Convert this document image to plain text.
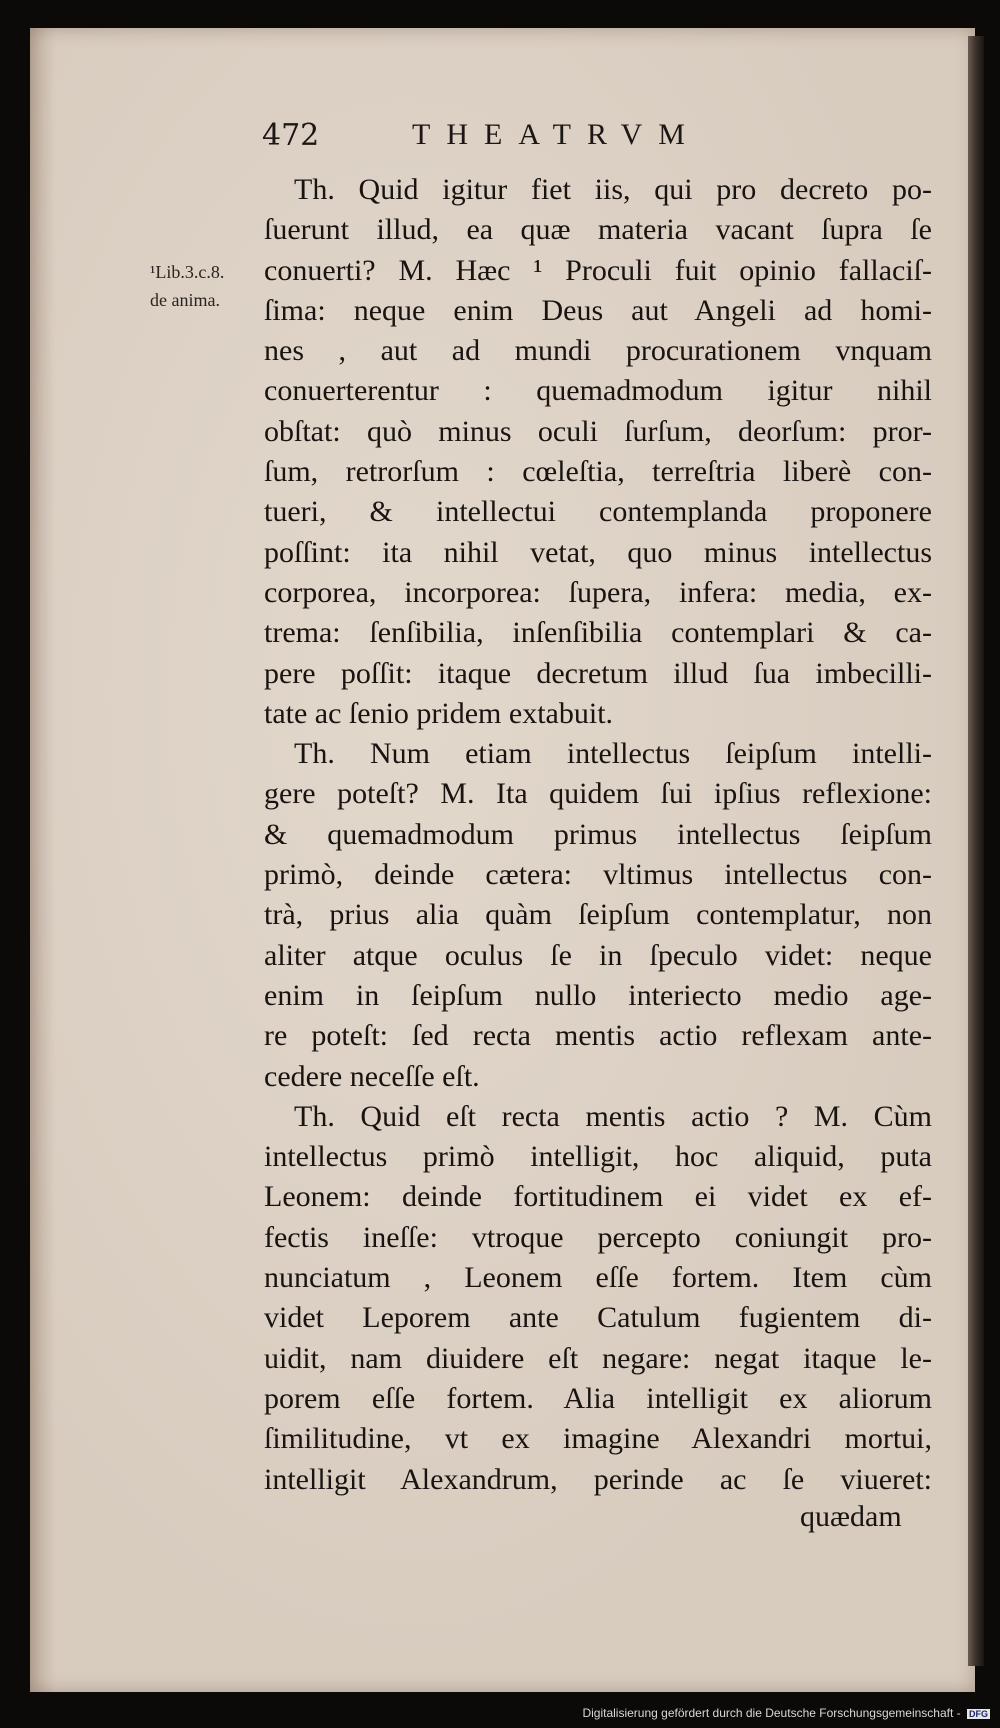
472	THEATRVM
¹Lib.3.c.8.
de anima.
Th. Quid igitur fiet iis, qui pro decreto po-
ſuerunt illud, ea quæ materia vacant ſupra ſe
conuerti? M. Hæc ¹ Proculi fuit opinio fallaciſ-
ſima: neque enim Deus aut Angeli ad homi-
nes , aut ad mundi procurationem vnquam
conuerterentur : quemadmodum igitur nihil
obſtat: quò minus oculi ſurſum, deorſum: pror-
ſum, retrorſum : cœleſtia, terreſtria liberè con-
tueri, & intellectui contemplanda proponere
poſſint: ita nihil vetat, quo minus intellectus
corporea, incorporea: ſupera, infera: media, ex-
trema: ſenſibilia, inſenſibilia contemplari & ca-
pere poſſit: itaque decretum illud ſua imbecilli-
tate ac ſenio pridem extabuit.
Th. Num etiam intellectus ſeipſum intelli-
gere poteſt? M. Ita quidem ſui ipſius reflexione:
& quemadmodum primus intellectus ſeipſum
primò, deinde cætera: vltimus intellectus con-
trà, prius alia quàm ſeipſum contemplatur, non
aliter atque oculus ſe in ſpeculo videt: neque
enim in ſeipſum nullo interiecto medio age-
re poteſt: ſed recta mentis actio reflexam ante-
cedere neceſſe eſt.
Th. Quid eſt recta mentis actio ? M. Cùm
intellectus primò intelligit, hoc aliquid, puta
Leonem: deinde fortitudinem ei videt ex ef-
fectis ineſſe: vtroque percepto coniungit pro-
nunciatum , Leonem eſſe fortem. Item cùm
videt Leporem ante Catulum fugientem di-
uidit, nam diuidere eſt negare: negat itaque le-
porem eſſe fortem. Alia intelligit ex aliorum
ſimilitudine, vt ex imagine Alexandri mortui,
intelligit Alexandrum, perinde ac ſe viueret:
quædam
Digitalisierung gefördert durch die Deutsche Forschungsgemeinschaft - DFG
